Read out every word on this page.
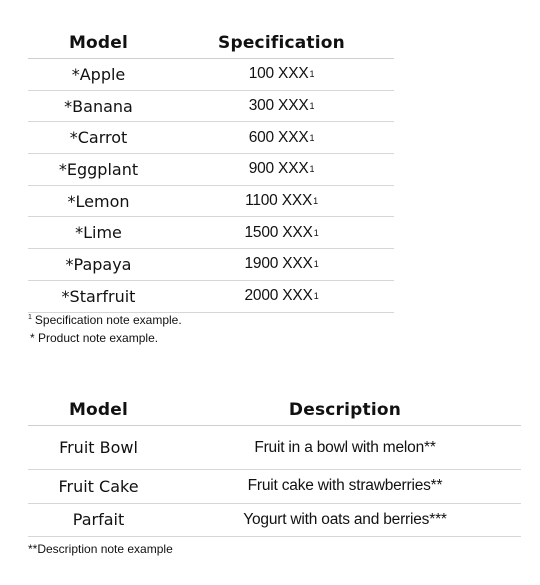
Model	Specification
*Apple	100 XXX 1
*Banana	300 XXX 1
*Carrot	600 XXX 1
*Eggplant	900 XXX 1
*Lemon	1100 XXX 1
*Lime	1500 XXX 1
*Papaya	1900 XXX 1
*Starfruit	2000 XXX 1
$^1$ Specification note example.
* Product note example.
Model	Description
Fruit Bowl	Fruit in a bowl with melon**
Fruit Cake	Fruit cake with strawberries**
Parfait	Yogurt with oats and berries***
**Description note example
